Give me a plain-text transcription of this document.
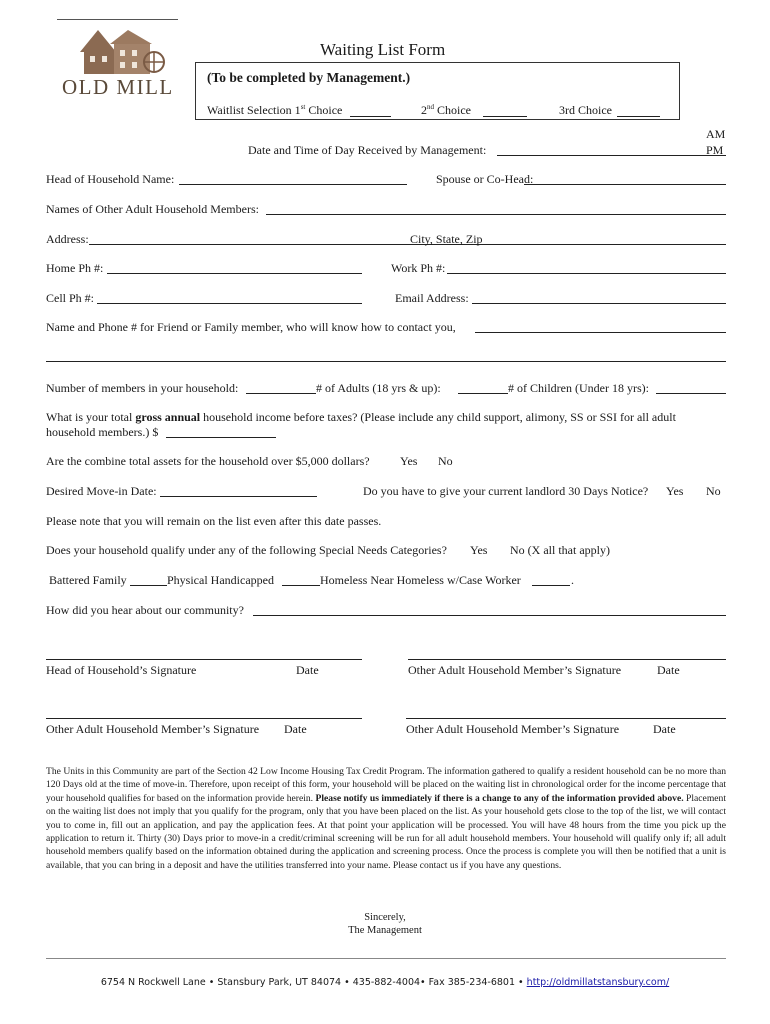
OLD MILL
Waiting List Form
(To be completed by Management.)
Waitlist Selection 1st Choice	2nd Choice	3rd Choice
AM
Date and Time of Day Received by Management:	PM
Head of Household Name:	Spouse or Co-Head:
Names of Other Adult Household Members:
Address:	City, State, Zip
Home Ph #:	Work Ph #:
Cell Ph #:	Email Address:
Name and Phone # for Friend or Family member, who will know how to contact you,
Number of members in your household:	# of Adults (18 yrs & up):	# of Children (Under 18 yrs):
What is your total gross annual household income before taxes? (Please include any child support, alimony, SS or SSI for all adult
household members.) $
Are the combine total assets for the household over $5,000 dollars?	Yes No
Desired Move-in Date:	Do you have to give your current landlord 30 Days Notice? Yes No
Please note that you will remain on the list even after this date passes.
Does your household qualify under any of the following Special Needs Categories? Yes No (X all that apply)
Battered Family	Physical Handicapped	Homeless Near Homeless w/Case Worker	.
How did you hear about our community?
Head of Household’s Signature	Date	Other Adult Household Member’s Signature	Date
Other Adult Household Member’s Signature Date	Other Adult Household Member’s Signature	Date
The Units in this Community are part of the Section 42 Low Income Housing Tax Credit Program. The information gathered to qualify a resident household can be no more than 120 Days old at the time of move-in. Therefore, upon receipt of this form, your household will be placed on the waiting list in chronological order for the income percentage that your household qualifies for based on the information provide herein. Please notify us immediately if there is a change to any of the information provided above. Placement on the waiting list does not imply that you qualify for the program, only that you have been placed on the list. As your household gets close to the top of the list, we will contact you to come in, fill out an application, and pay the application fees. At that point your application will be processed. You will have 48 hours from the time you pick up the application to return it. Thirty (30) Days prior to move-in a credit/criminal screening will be run for all adult household members. Your household will qualify only if; all adult household members qualify based on the information obtained during the application and screening process. Once the process is complete you will then be notified that a unit is available, that you can bring in a deposit and have the utilities transferred into your name. Please contact us if you have any questions.
Sincerely,
The Management
6754 N Rockwell Lane • Stansbury Park, UT 84074 • 435-882-4004• Fax 385-234-6801 • http://oldmillatstansbury.com/
